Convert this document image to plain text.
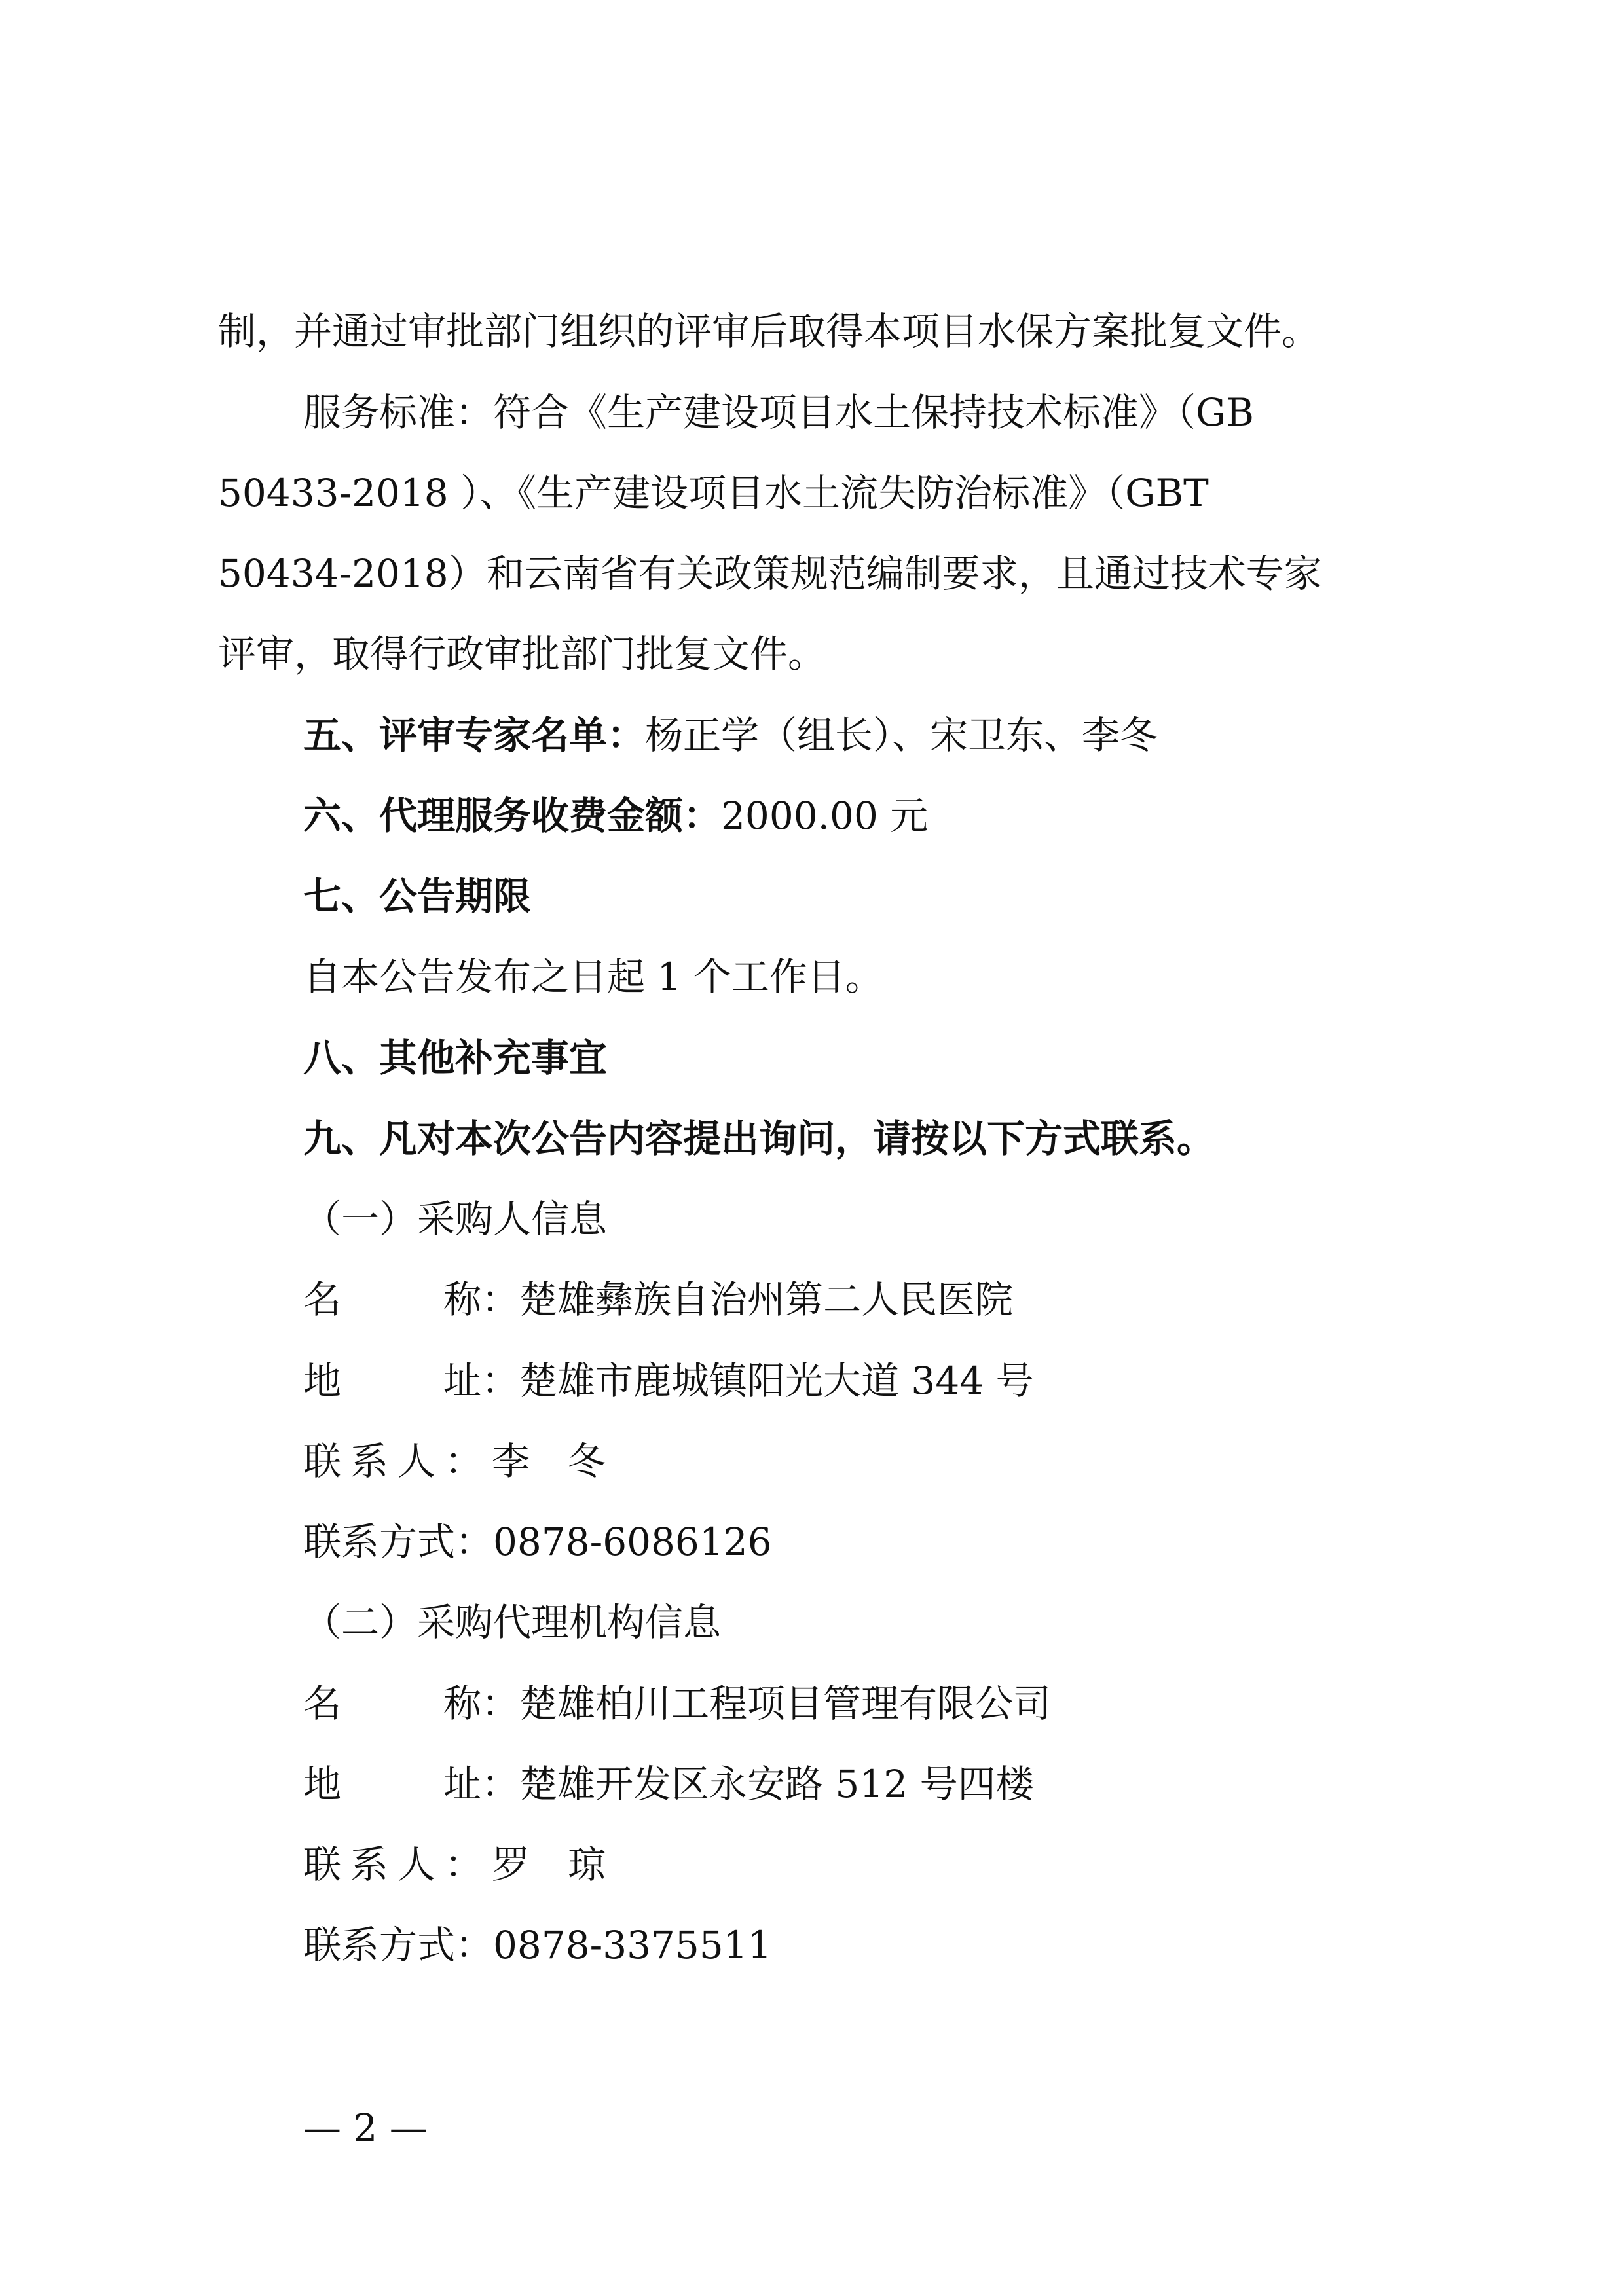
制，并通过审批部门组织的评审后取得本项目水保方案批复文件。
服务标准：符合《生产建设项目水土保持技术标准》（GB
50433-2018 ）、《生产建设项目水土流失防治标准》（GBT
50434-2018）和云南省有关政策规范编制要求，且通过技术专家
评审，取得行政审批部门批复文件。
五、评审专家名单：杨正学（组长）、宋卫东、李冬
六、代理服务收费金额：2000.00 元
七、公告期限
自本公告发布之日起 1 个工作日。
八、其他补充事宜
九、凡对本次公告内容提出询问，请按以下方式联系。
（一）采购人信息
名	称： 楚雄彝族自治州第二人民医院
地	址： 楚雄市鹿城镇阳光大道 344 号
联系人：李　冬
联系方式：0878-6086126
（二）采购代理机构信息
名	称： 楚雄柏川工程项目管理有限公司
地	址： 楚雄开发区永安路 512 号四楼
联系人：罗　琼
联系方式：0878-3375511
— 2 —
